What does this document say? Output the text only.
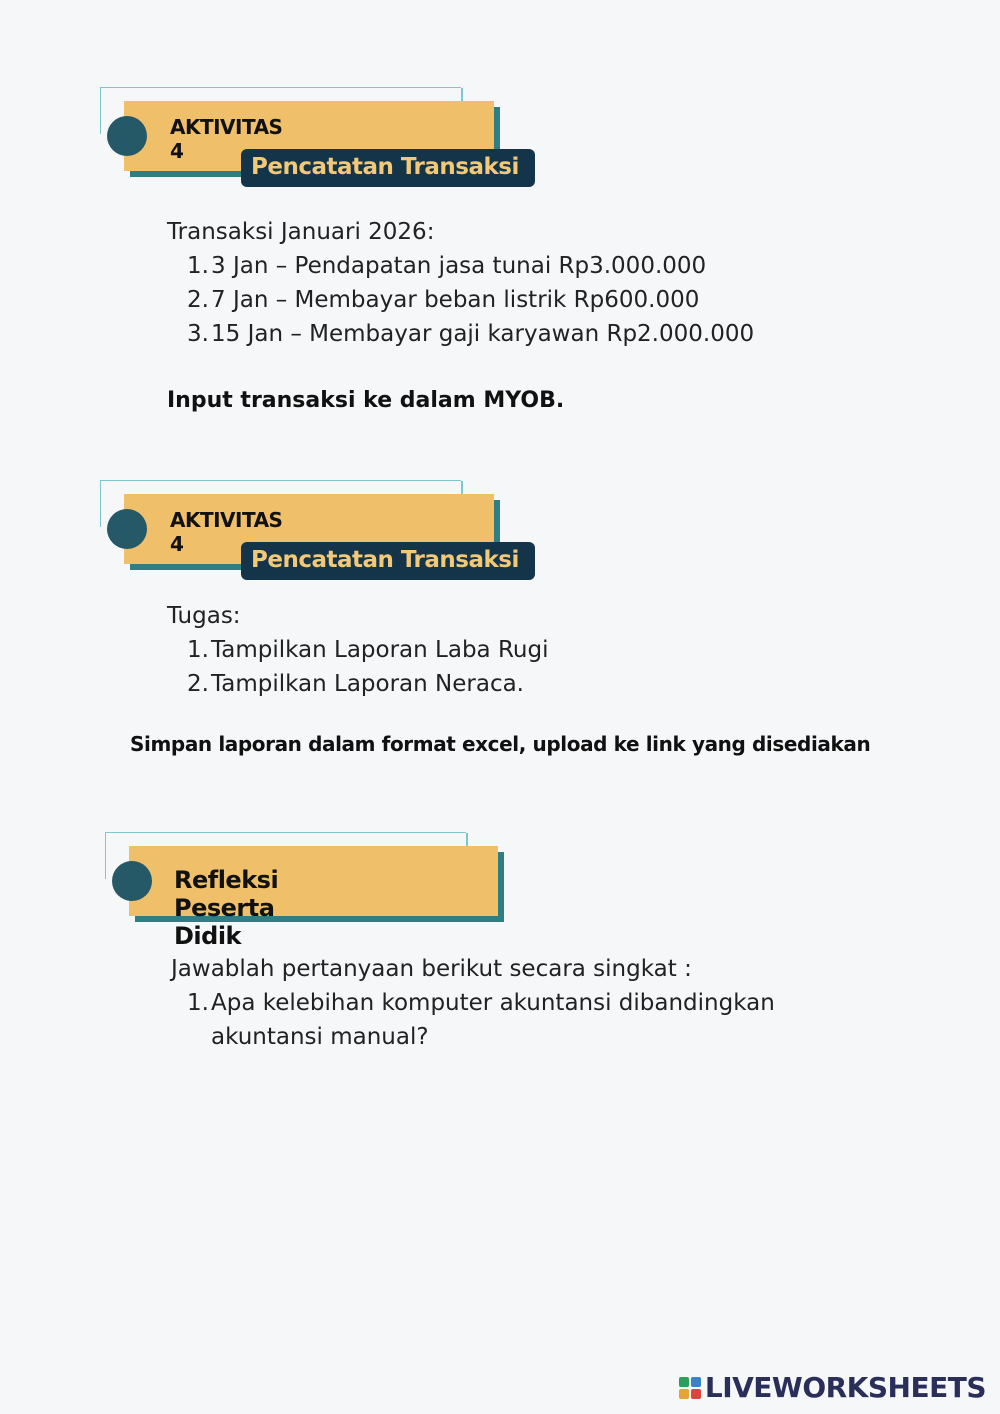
AKTIVITAS 4
Pencatatan Transaksi

Transaksi Januari 2026:

1. 3 Jan – Pendapatan jasa tunai Rp3.000.000
2. 7 Jan – Membayar beban listrik Rp600.000
3. 15 Jan – Membayar gaji karyawan Rp2.000.000
Input transaksi ke dalam MYOB.
AKTIVITAS 4
Pencatatan Transaksi

Tugas:

1. Tampilkan Laporan Laba Rugi
2. Tampilkan Laporan Neraca.
Simpan laporan dalam format excel, upload ke link yang disediakan
Refleksi Peserta Didik

Jawablah pertanyaan berikut secara singkat :

1. Apa kelebihan komputer akuntansi dibandingkan akuntansi manual?
LIVEWORKSHEETS
